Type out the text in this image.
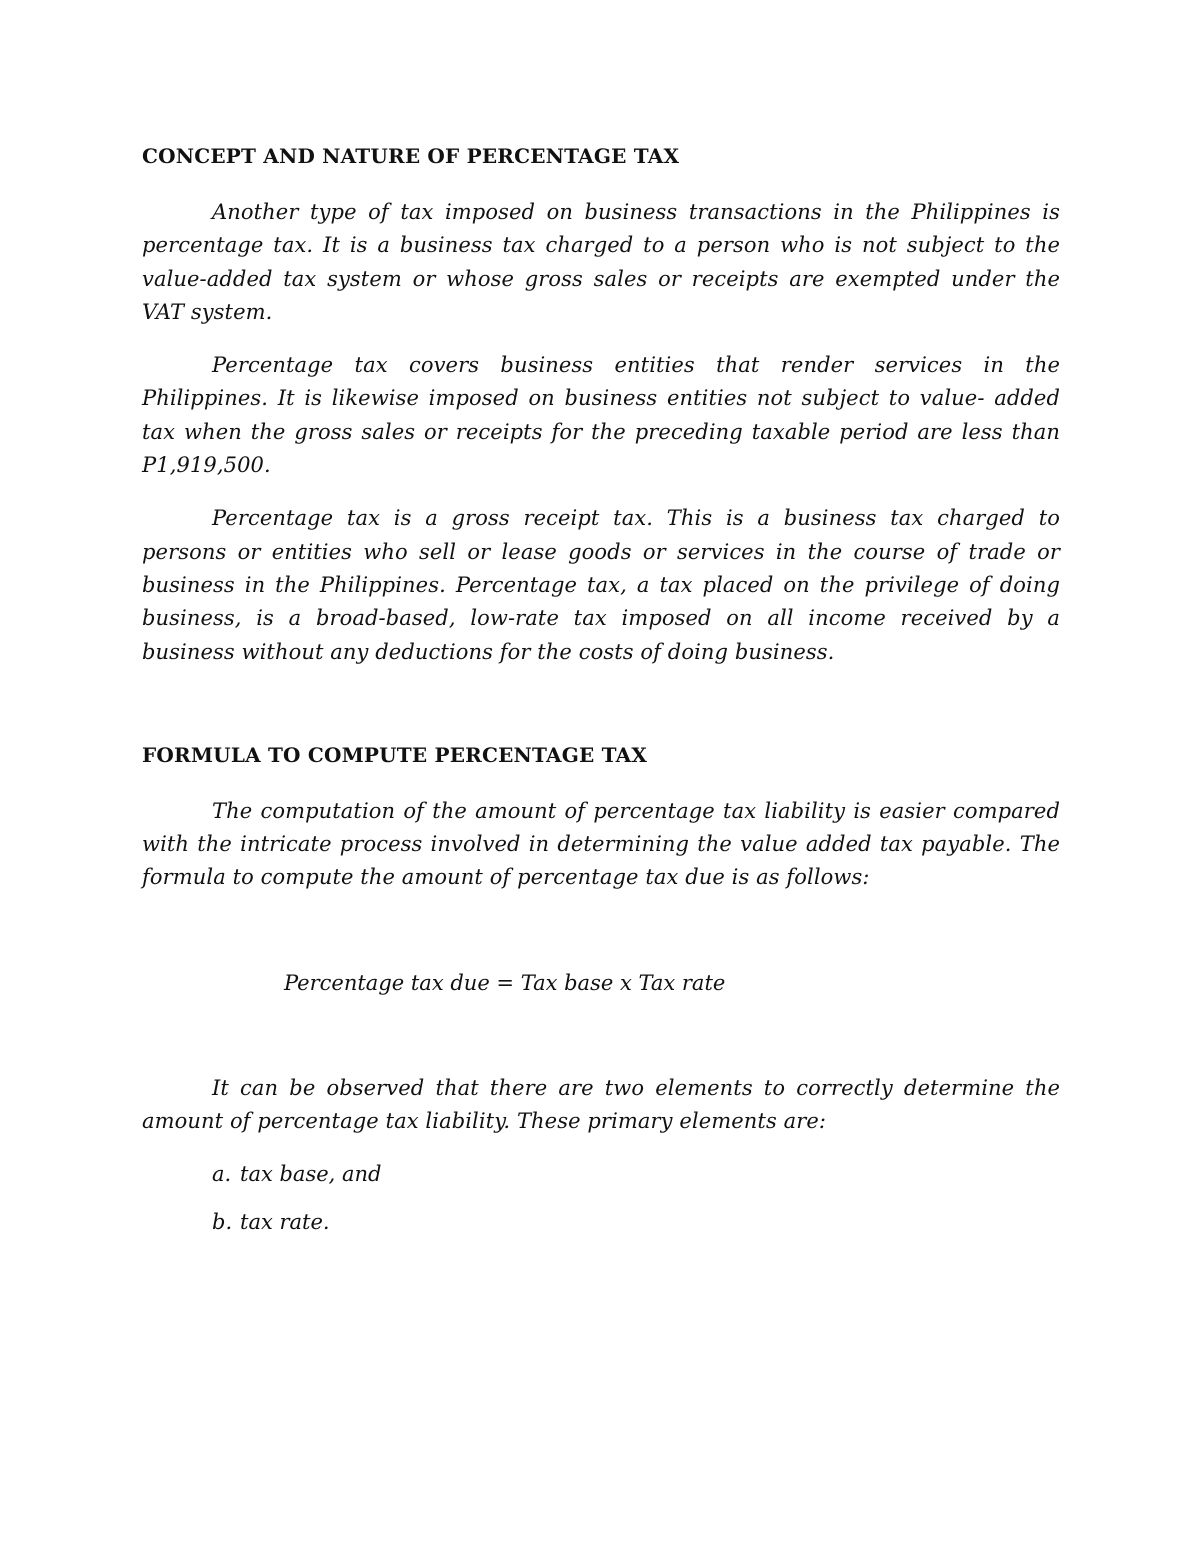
CONCEPT AND NATURE OF PERCENTAGE TAX

Another type of tax imposed on business transactions in the Philippines is percentage tax. It is a business tax charged to a person who is not subject to the value-added tax system or whose gross sales or receipts are exempted under the VAT system.

Percentage tax covers business entities that render services in the Philippines. It is likewise imposed on business entities not subject to value- added tax when the gross sales or receipts for the preceding taxable period are less than P1,919,500.

Percentage tax is a gross receipt tax. This is a business tax charged to persons or entities who sell or lease goods or services in the course of trade or business in the Philippines. Percentage tax, a tax placed on the privilege of doing business, is a broad-based, low-rate tax imposed on all income received by a business without any deductions for the costs of doing business.

FORMULA TO COMPUTE PERCENTAGE TAX

The computation of the amount of percentage tax liability is easier compared with the intricate process involved in determining the value added tax payable. The formula to compute the amount of percentage tax due is as follows:

Percentage tax due = Tax base x Tax rate

It can be observed that there are two elements to correctly determine the amount of percentage tax liability. These primary elements are:

a. tax base, and
b. tax rate.
